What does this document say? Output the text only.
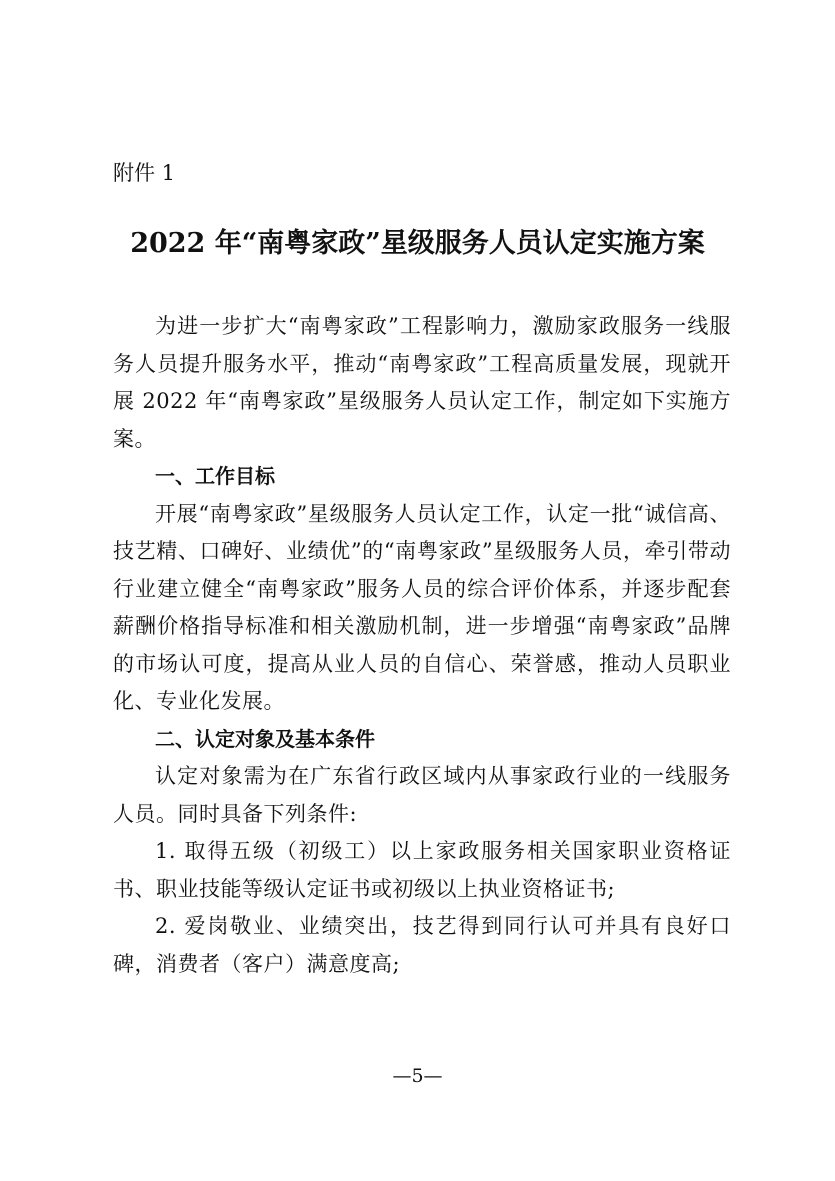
附件 1

2022 年“南粤家政”星级服务人员认定实施方案

为进一步扩大“南粤家政”工程影响力，激励家政服务一线服务人员提升服务水平，推动“南粤家政”工程高质量发展，现就开展 2022 年“南粤家政”星级服务人员认定工作，制定如下实施方案。

一、工作目标

开展“南粤家政”星级服务人员认定工作，认定一批“诚信高、技艺精、口碑好、业绩优”的“南粤家政”星级服务人员，牵引带动行业建立健全“南粤家政”服务人员的综合评价体系，并逐步配套薪酬价格指导标准和相关激励机制，进一步增强“南粤家政”品牌的市场认可度，提高从业人员的自信心、荣誉感，推动人员职业化、专业化发展。

二、认定对象及基本条件

认定对象需为在广东省行政区域内从事家政行业的一线服务人员。同时具备下列条件:

1. 取得五级（初级工）以上家政服务相关国家职业资格证书、职业技能等级认定证书或初级以上执业资格证书;

2. 爱岗敬业、业绩突出，技艺得到同行认可并具有良好口碑，消费者（客户）满意度高;

—5—
